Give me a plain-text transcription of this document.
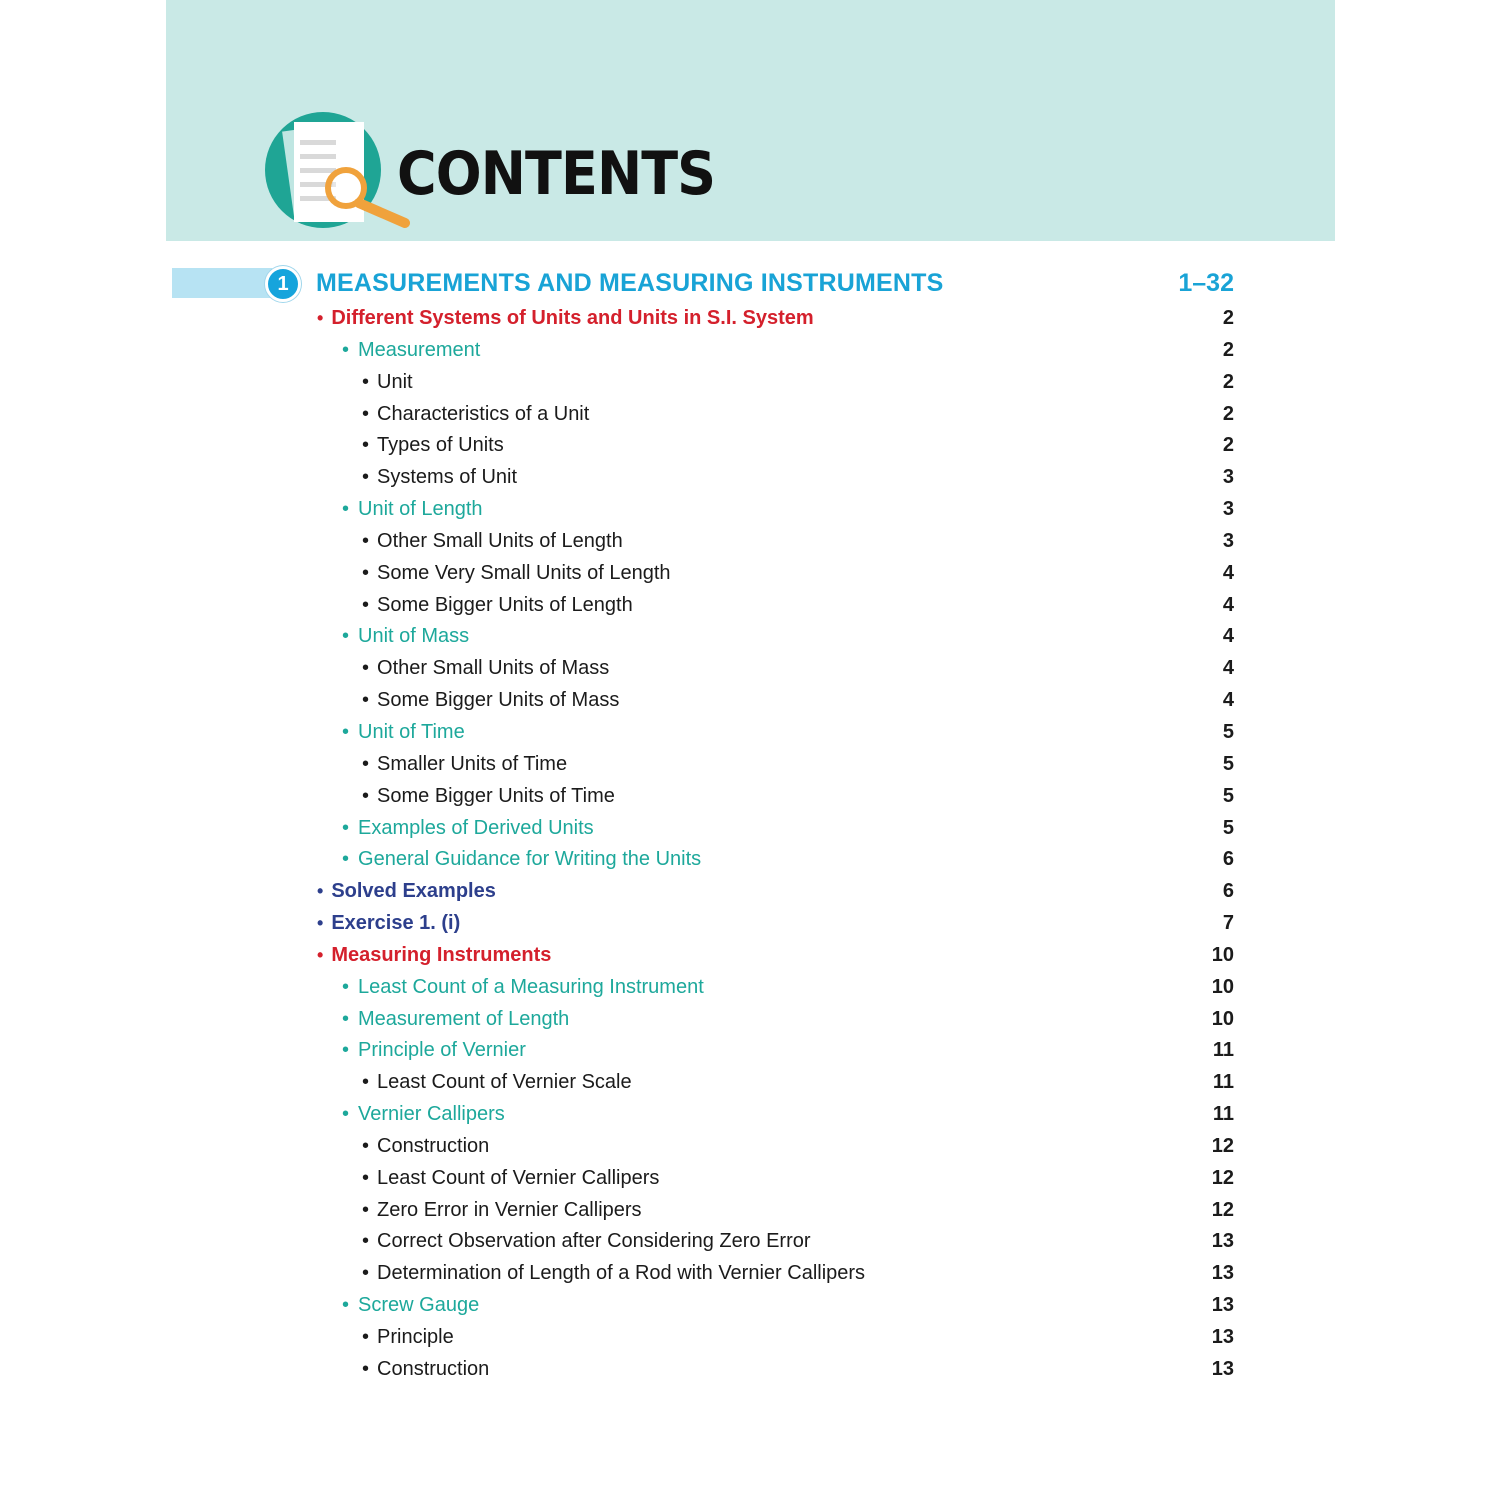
CONTENTS
1	MEASUREMENTS AND MEASURING INSTRUMENTS	1–32
• Different Systems of Units and Units in S.I. System	2
• Measurement	2
• Unit	2
• Characteristics of a Unit	2
• Types of Units	2
• Systems of Unit	3
• Unit of Length	3
• Other Small Units of Length	3
• Some Very Small Units of Length	4
• Some Bigger Units of Length	4
• Unit of Mass	4
• Other Small Units of Mass	4
• Some Bigger Units of Mass	4
• Unit of Time	5
• Smaller Units of Time	5
• Some Bigger Units of Time	5
• Examples of Derived Units	5
• General Guidance for Writing the Units	6
• Solved Examples	6
• Exercise 1. (i)	7
• Measuring Instruments	10
• Least Count of a Measuring Instrument	10
• Measurement of Length	10
• Principle of Vernier	11
• Least Count of Vernier Scale	11
• Vernier Callipers	11
• Construction	12
• Least Count of Vernier Callipers	12
• Zero Error in Vernier Callipers	12
• Correct Observation after Considering Zero Error	13
• Determination of Length of a Rod with Vernier Callipers	13
• Screw Gauge	13
• Principle	13
• Construction	13
